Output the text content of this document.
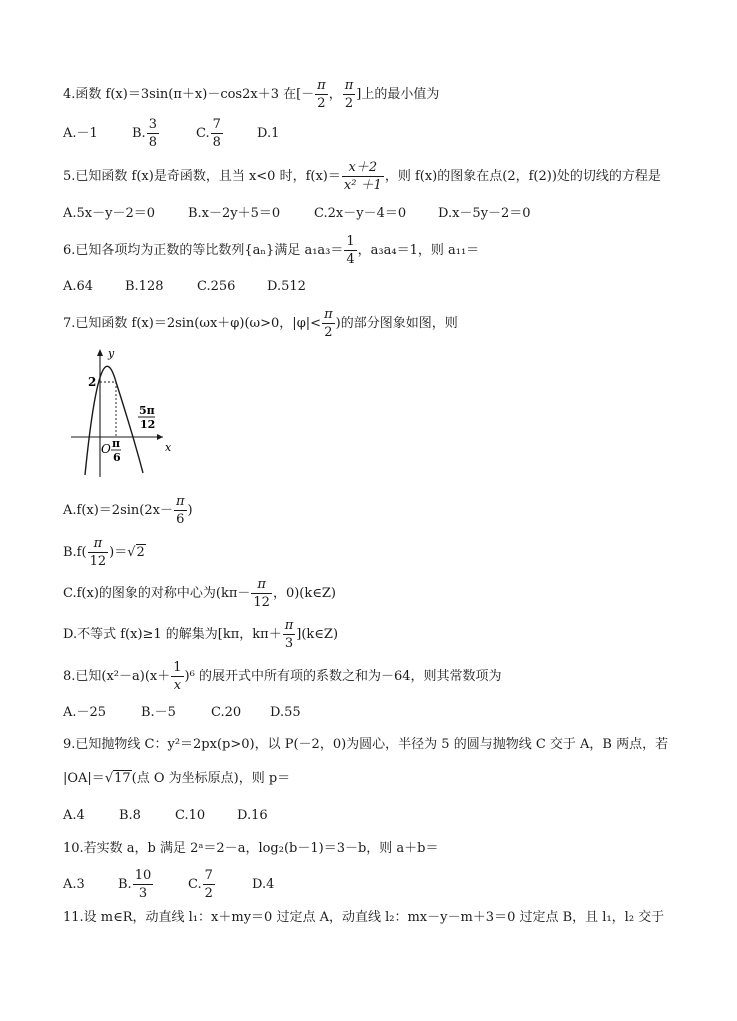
4.函数 f(x)＝3sin(π＋x)－cos2x＋3 在[－ $\frac{\pi}{2}$ ， $\frac{\pi}{2}$ ]上的最小值为
A.－1	B. $\frac{3}{8}$	C. $\frac{7}{8}$	D.1
5.已知函数 f(x)是奇函数，且当 x<0 时，$f(x)= \frac{x+2}{\text{x² ＋1}}$ ，则 f(x)的图象在点(2，f(2))处的切线的方程是
A.5x－y－2＝0	B.x－2y＋5＝0	C.2x－y－4＝0 D.x－5y－2＝0
6.已知各项均为正数的等比数列{aₙ}满足 $a_1a_3= \frac{1}{4}$ ，a₃a₄＝1，则 a₁₁＝
A.64 B.128	C.256 D.512
7.已知函数 f(x)＝2sin(ωx＋φ)(ω>0，$|\varphi|< \frac{\pi}{2}$ )的部分图象如图，则
y
x
2
O π
6
5π
12
$A.f(x)=2\sin(2x- \frac{\pi}{6}$ )
$B.f( \frac{\pi}{12} )=√2$
C.f(x)的图象的对称中心为($k\pi- \frac{\pi}{12}$ ，0)(k∈Z)
D.不等式 f(x)≥1 的解集为[kπ，$k\pi+ \frac{\pi}{3}$ ](k∈Z)
8.已知$(x^2-a)(x+ \frac{1}{x} )^6$ 的展开式中所有项的系数之和为－64，则其常数项为
A.－25	B.－5	C.20 D.55
9.已知抛物线 C：y²＝2px(p>0)，以 P(－2，0)为圆心，半径为 5 的圆与抛物线 C 交于 A，B 两点，若
|OA|＝√17(点 O 为坐标原点)，则 p＝
A.4	B.8	C.10 D.16
10.若实数 a，b 满足 2ᵃ＝2－a，log₂(b－1)＝3－b，则 a＋b＝
A.3	B. $\frac{10}{3}$	C. $\frac{7}{2}$	D.4
11.设 m∈R，动直线 l₁：x＋my＝0 过定点 A，动直线 l₂：mx－y－m＋3＝0 过定点 B，且 l₁，l₂ 交于
